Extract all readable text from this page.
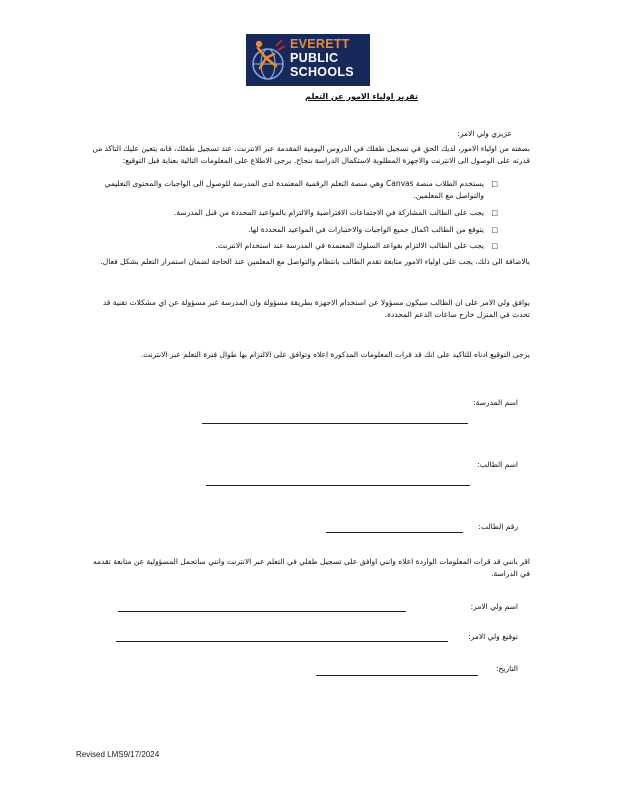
EVERETT
PUBLIC
SCHOOLS
تقرير اولياء الامور عن التعلم
عزيزي ولي الامر:
بصفته من اولياء الامور، لديك الحق في تسجيل طفلك في الدروس اليومية المقدمة عبر الانترنت. عند تسجيل طفلك، فانه يتعين عليك التاكد من قدرته على الوصول الى الانترنت والاجهزة المطلوبة لاستكمال الدراسة بنجاح. يرجى الاطلاع على المعلومات التالية بعناية قبل التوقيع:
□
يستخدم الطلاب منصة Canvas وهي منصة التعلم الرقمية المعتمدة لدى المدرسة للوصول الى الواجبات والمحتوى التعليمي والتواصل مع المعلمين.
□
يجب على الطالب المشاركة في الاجتماعات الافتراضية والالتزام بالمواعيد المحددة من قبل المدرسة.
□
يتوقع من الطالب اكمال جميع الواجبات والاختبارات في المواعيد المحددة لها.
□
يجب على الطالب الالتزام بقواعد السلوك المعتمدة في المدرسة عند استخدام الانترنت.
بالاضافة الى ذلك، يجب على اولياء الامور متابعة تقدم الطالب بانتظام والتواصل مع المعلمين عند الحاجة لضمان استمرار التعلم بشكل فعال.
يوافق ولي الامر على ان الطالب سيكون مسؤولا عن استخدام الاجهزة بطريقة مسؤولة وان المدرسة غير مسؤولة عن اي مشكلات تقنية قد تحدث في المنزل خارج ساعات الدعم المحددة.
يرجى التوقيع ادناه للتاكيد على انك قد قرات المعلومات المذكورة اعلاه وتوافق على الالتزام بها طوال فترة التعلم عبر الانترنت.
اسم المدرسة:
اسم الطالب:
رقم الطالب:
اقر بانني قد قرات المعلومات الواردة اعلاه وانني اوافق على تسجيل طفلي في التعلم عبر الانترنت وانني ساتحمل المسؤولية عن متابعة تقدمه في الدراسة.
اسم ولي الامر:
توقيع ولي الامر:
التاريخ:
Revised LMS9/17/2024
